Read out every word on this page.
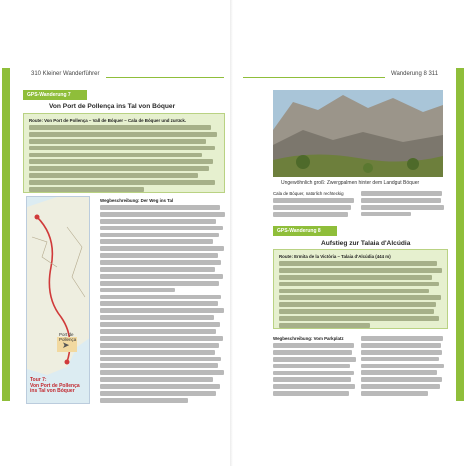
310 Kleiner Wanderführer
GPS-Wanderung 7
Von Port de Pollença ins Tal von Bóquer
Route: Von Port de Pollença – Vall de Bóquer – Cala de Bóquer und zurück.
Port de Pollença
➤
Tour 7:
Von Port de Pollença
ins Tal von Bóquer
Wegbeschreibung: Der Weg ins Tal
Wanderung 8 311
Ungewöhnlich groß: Zwergpalmen hinter dem Landgut Bóquer
Cala de Bóquer, natürlich rechteckig
GPS-Wanderung 8
Aufstieg zur Talaia d'Alcúdia
Route: Ermita de la Victòria – Talaia d'Alcúdia (444 m)
Wegbeschreibung: Vom Parkplatz
